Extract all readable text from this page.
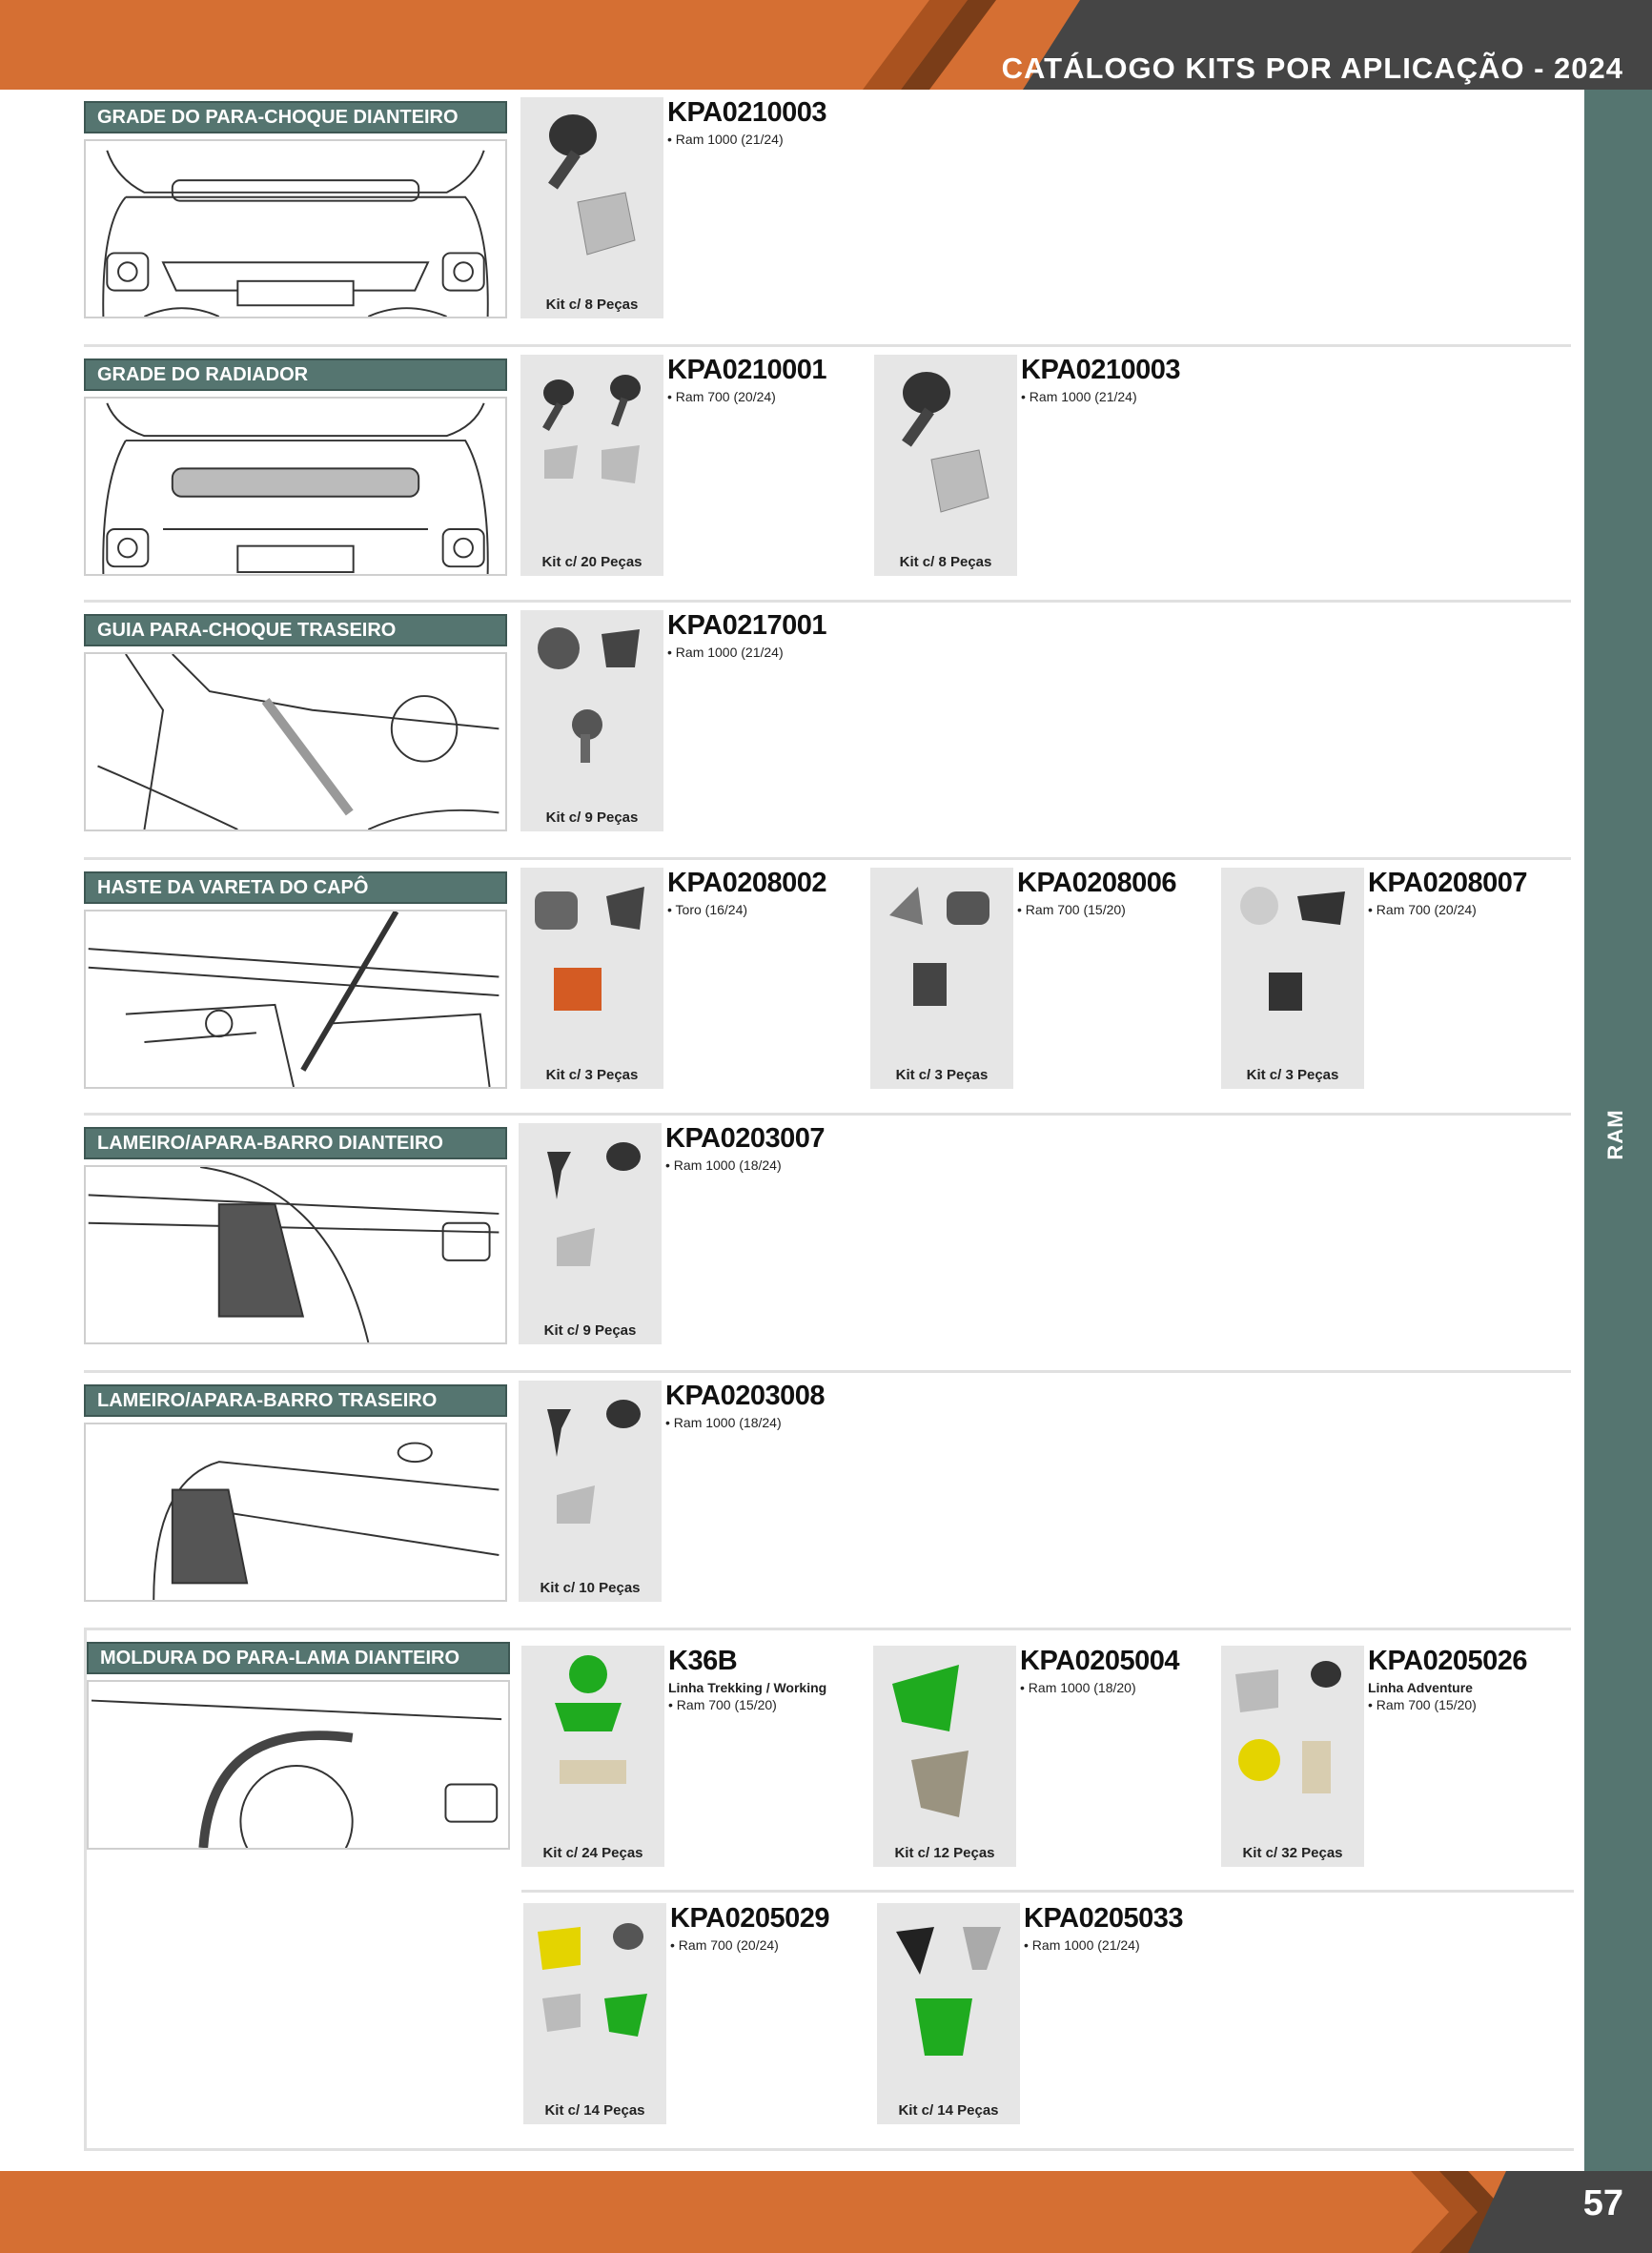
CATÁLOGO KITS POR APLICAÇÃO - 2024
RAM
GRADE DO PARA-CHOQUE DIANTEIRO
Kit c/ 8 Peças
KPA0210003
• Ram 1000 (21/24)
GRADE DO RADIADOR
Kit c/ 20 Peças
KPA0210001
• Ram 700 (20/24)
Kit c/ 8 Peças
KPA0210003
• Ram 1000 (21/24)
GUIA PARA-CHOQUE TRASEIRO
Kit c/ 9 Peças
KPA0217001
• Ram 1000 (21/24)
HASTE DA VARETA DO CAPÔ
Kit c/ 3 Peças
KPA0208002
• Toro (16/24)
Kit c/ 3 Peças
KPA0208006
• Ram 700 (15/20)
Kit c/ 3 Peças
KPA0208007
• Ram 700 (20/24)
LAMEIRO/APARA-BARRO DIANTEIRO
Kit c/ 9 Peças
KPA0203007
• Ram 1000 (18/24)
LAMEIRO/APARA-BARRO TRASEIRO
Kit c/ 10 Peças
KPA0203008
• Ram 1000 (18/24)
MOLDURA DO PARA-LAMA DIANTEIRO
Kit c/ 24 Peças
K36B
Linha Trekking / Working
• Ram 700 (15/20)
Kit c/ 12 Peças
KPA0205004
• Ram 1000 (18/20)
Kit c/ 32 Peças
KPA0205026
Linha Adventure
• Ram 700 (15/20)
Kit c/ 14 Peças
KPA0205029
• Ram 700 (20/24)
Kit c/ 14 Peças
KPA0205033
• Ram 1000 (21/24)
57
